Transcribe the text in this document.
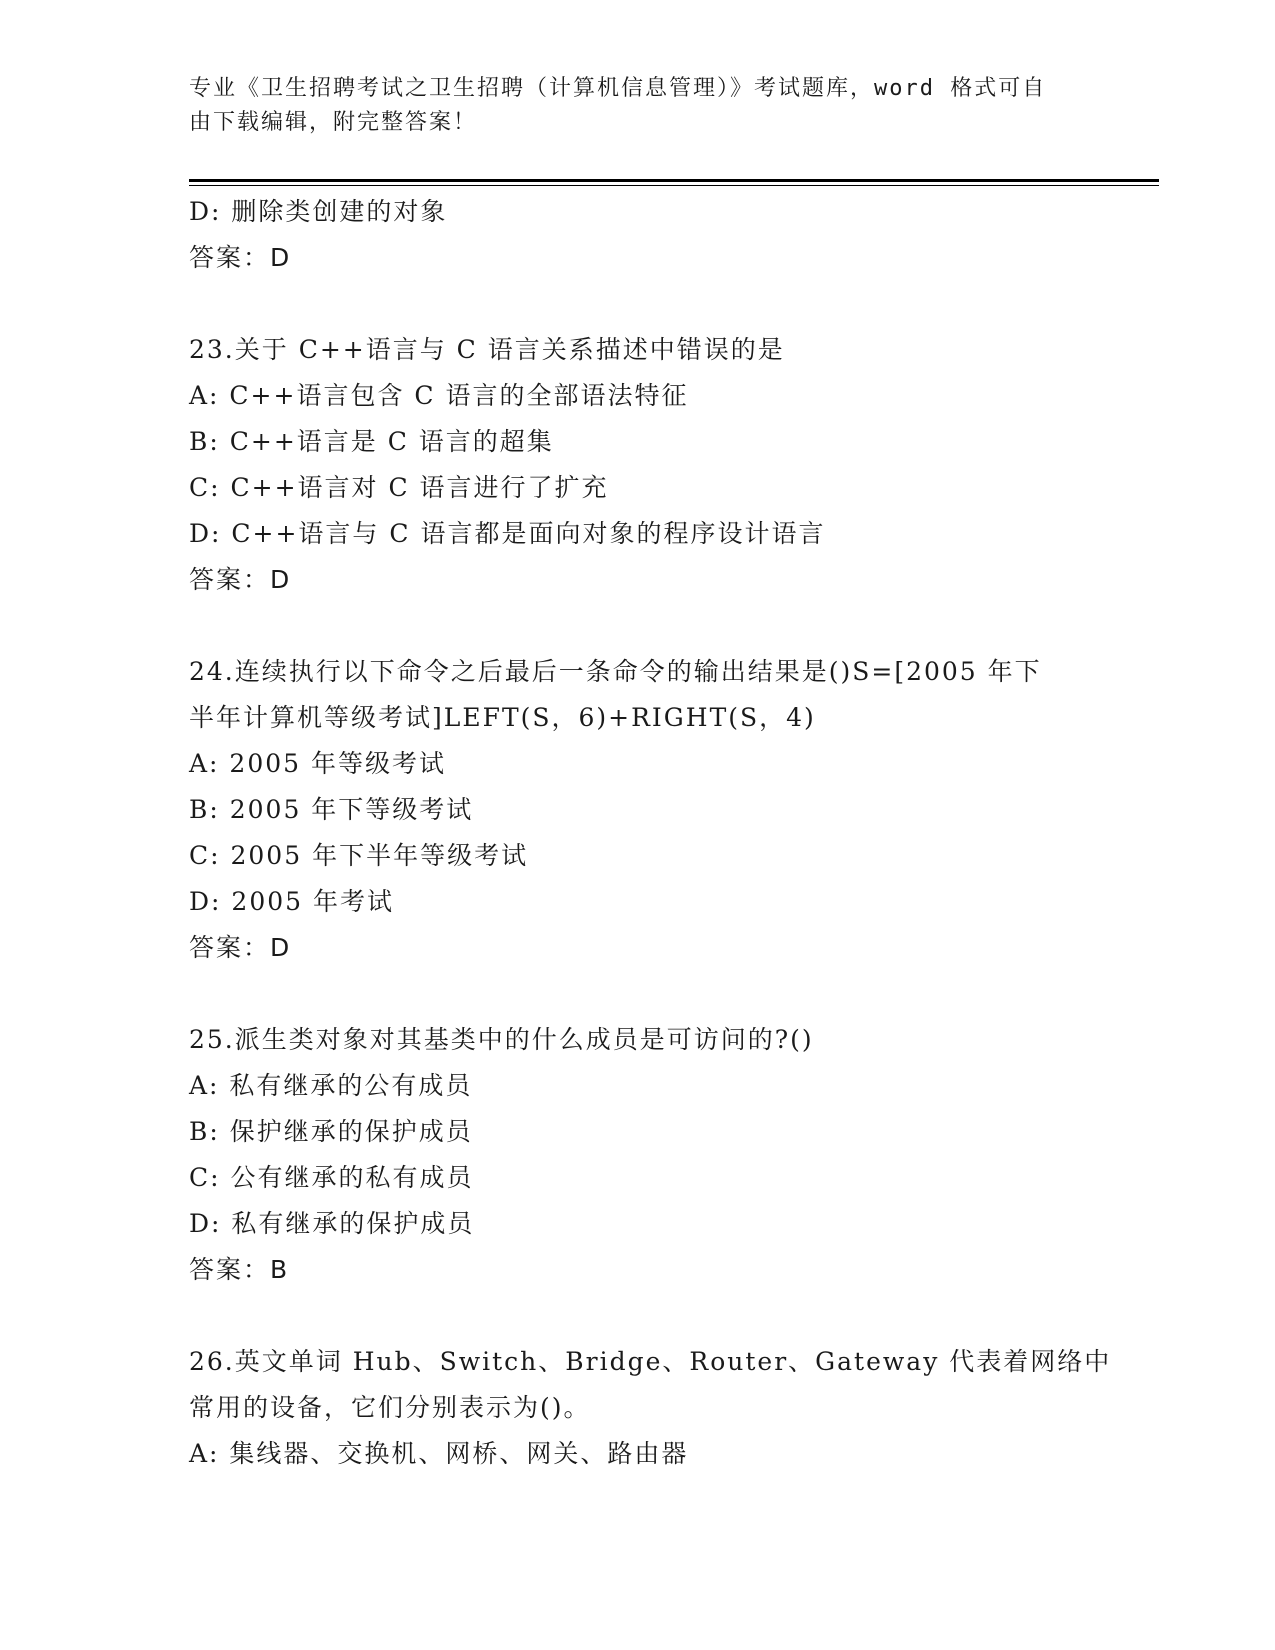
专业《卫生招聘考试之卫生招聘（计算机信息管理）》考试题库，word 格式可自
由下载编辑，附完整答案！
D: 删除类创建的对象
答案：D
23.关于 C++语言与 C 语言关系描述中错误的是
A: C++语言包含 C 语言的全部语法特征
B: C++语言是 C 语言的超集
C: C++语言对 C 语言进行了扩充
D: C++语言与 C 语言都是面向对象的程序设计语言
答案：D
24.连续执行以下命令之后最后一条命令的输出结果是()S=[2005 年下
半年计算机等级考试]LEFT(S，6)+RIGHT(S，4)
A: 2005 年等级考试
B: 2005 年下等级考试
C: 2005 年下半年等级考试
D: 2005 年考试
答案：D
25.派生类对象对其基类中的什么成员是可访问的?()
A: 私有继承的公有成员
B: 保护继承的保护成员
C: 公有继承的私有成员
D: 私有继承的保护成员
答案：B
26.英文单词 Hub、Switch、Bridge、Router、Gateway 代表着网络中
常用的设备，它们分别表示为()。
A: 集线器、交换机、网桥、网关、路由器
